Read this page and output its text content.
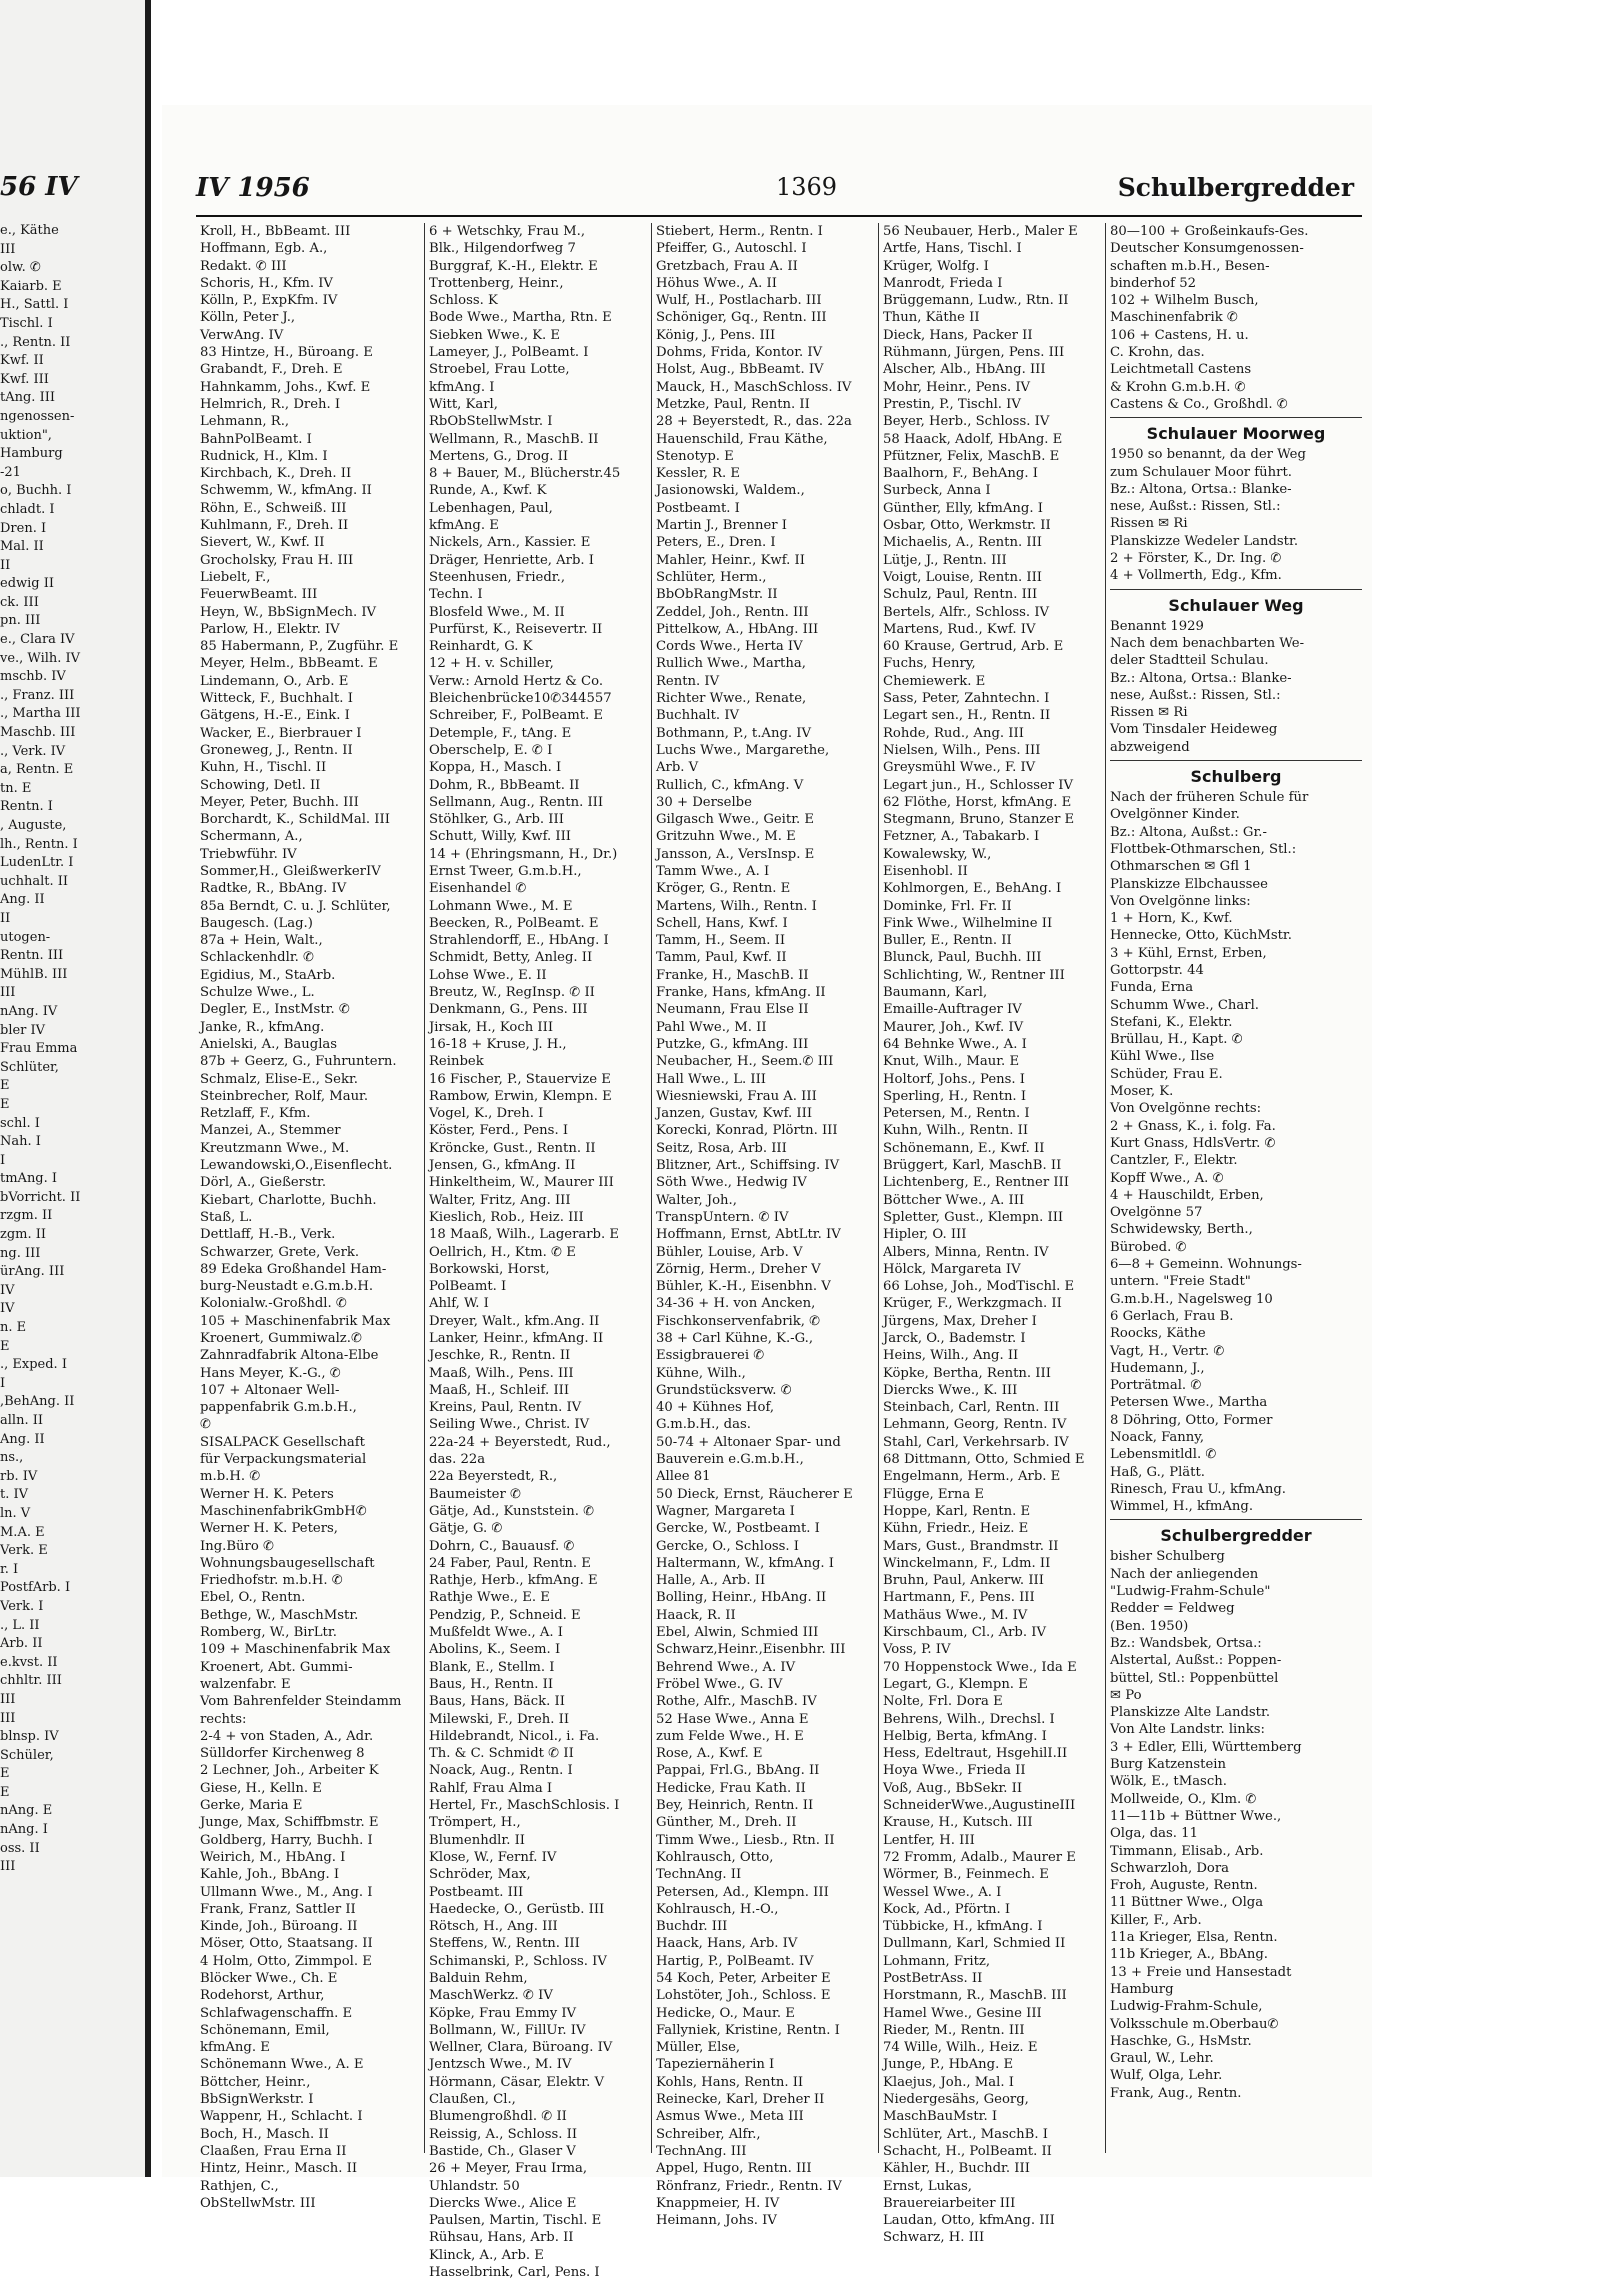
56 IV
e., Käthe
III
olw. ✆
Kaiarb. E
H., Sattl. I
Tischl. I
., Rentn. II
Kwf. II
Kwf. III
tAng. III
ngenossen-
uktion",
Hamburg
-21
o, Buchh. I
chladt. I
Dren. I
Mal. II
II
edwig II
ck. III
pn. III
e., Clara IV
ve., Wilh. IV
mschb. IV
., Franz. III
., Martha III
Maschb. III
., Verk. IV
a, Rentn. E
tn. E
Rentn. I
, Auguste,
lh., Rentn. I
LudenLtr. I
uchhalt. II
Ang. II
II
utogen-
Rentn. III
MühlB. III
III
nAng. IV
bler IV
Frau Emma
Schlüter,
E
E
schl. I
Nah. I
I
tmAng. I
bVorricht. II
rzgm. II
zgm. II
ng. III
ürAng. III
IV
IV
n. E
E
., Exped. I
I
,BehAng. II
alln. II
Ang. II
ns.,
rb. IV
t. IV
ln. V
M.A. E
Verk. E
r. I
PostfArb. I
Verk. I
., L. II
Arb. II
e.kvst. II
chhltr. III
III
III
blnsp. IV
Schüler,
E
E
nAng. E
nAng. I
oss. II
III
IV 1956	1369	Schulbergredder
Kroll, H., BbBeamt. III
Hoffmann, Egb. A.,
Redakt. ✆ III
Schoris, H., Kfm. IV
Kölln, P., ExpKfm. IV
Kölln, Peter J.,
VerwAng. IV
83 Hintze, H., Büroang. E
Grabandt, F., Dreh. E
Hahnkamm, Johs., Kwf. E
Helmrich, R., Dreh. I
Lehmann, R.,
BahnPolBeamt. I
Rudnick, H., Klm. I
Kirchbach, K., Dreh. II
Schwemm, W., kfmAng. II
Röhn, E., Schweiß. III
Kuhlmann, F., Dreh. II
Sievert, W., Kwf. II
Grocholsky, Frau H. III
Liebelt, F.,
FeuerwBeamt. III
Heyn, W., BbSignMech. IV
Parlow, H., Elektr. IV
85 Habermann, P., Zugführ. E
Meyer, Helm., BbBeamt. E
Lindemann, O., Arb. E
Witteck, F., Buchhalt. I
Gätgens, H.-E., Eink. I
Wacker, E., Bierbrauer I
Groneweg, J., Rentn. II
Kuhn, H., Tischl. II
Schowing, Detl. II
Meyer, Peter, Buchh. III
Borchardt, K., SchildMal. III
Schermann, A.,
Triebwführ. IV
Sommer,H., GleißwerkerIV
Radtke, R., BbAng. IV
85a Berndt, C. u. J. Schlüter,
Baugesch. (Lag.)
87a + Hein, Walt.,
Schlackenhdlr. ✆
Egidius, M., StaArb.
Schulze Wwe., L.
Degler, E., InstMstr. ✆
Janke, R., kfmAng.
Anielski, A., Bauglas
87b + Geerz, G., Fuhruntern.
Schmalz, Elise-E., Sekr.
Steinbrecher, Rolf, Maur.
Retzlaff, F., Kfm.
Manzei, A., Stemmer
Kreutzmann Wwe., M.
Lewandowski,O.,Eisenflecht.
Dörl, A., Gießerstr.
Kiebart, Charlotte, Buchh.
Staß, L.
Dettlaff, H.-B., Verk.
Schwarzer, Grete, Verk.
89 Edeka Großhandel Ham-
burg-Neustadt e.G.m.b.H.
Kolonialw.-Großhdl. ✆
105 + Maschinenfabrik Max
Kroenert, Gummiwalz.✆
Zahnradfabrik Altona-Elbe
Hans Meyer, K.-G., ✆
107 + Altonaer Well-
pappenfabrik G.m.b.H.,
✆
SISALPACK Gesellschaft
für Verpackungsmaterial
m.b.H. ✆
Werner H. K. Peters
MaschinenfabrikGmbH✆
Werner H. K. Peters,
Ing.Büro ✆
Wohnungsbaugesellschaft
Friedhofstr. m.b.H. ✆
Ebel, O., Rentn.
Bethge, W., MaschMstr.
Romberg, W., BirLtr.
109 + Maschinenfabrik Max
Kroenert, Abt. Gummi-
walzenfabr. E
Vom Bahrenfelder Steindamm
rechts:
2-4 + von Staden, A., Adr.
Sülldorfer Kirchenweg 8
2 Lechner, Joh., Arbeiter K
Giese, H., Kelln. E
Gerke, Maria E
Junge, Max, Schiffbmstr. E
Goldberg, Harry, Buchh. I
Weirich, M., HbAng. I
Kahle, Joh., BbAng. I
Ullmann Wwe., M., Ang. I
Frank, Franz, Sattler II
Kinde, Joh., Büroang. II
Möser, Otto, Staatsang. II
4 Holm, Otto, Zimmpol. E
Blöcker Wwe., Ch. E
Rodehorst, Arthur,
Schlafwagenschaffn. E
Schönemann, Emil,
kfmAng. E
Schönemann Wwe., A. E
Böttcher, Heinr.,
BbSignWerkstr. I
Wappenr, H., Schlacht. I
Boch, H., Masch. II
Claaßen, Frau Erna II
Hintz, Heinr., Masch. II
Rathjen, C.,
ObStellwMstr. III
6 + Wetschky, Frau M.,
Blk., Hilgendorfweg 7
Burggraf, K.-H., Elektr. E
Trottenberg, Heinr.,
Schloss. K
Bode Wwe., Martha, Rtn. E
Siebken Wwe., K. E
Lameyer, J., PolBeamt. I
Stroebel, Frau Lotte,
kfmAng. I
Witt, Karl,
RbObStellwMstr. I
Wellmann, R., MaschB. II
Mertens, G., Drog. II
8 + Bauer, M., Blücherstr.45
Runde, A., Kwf. K
Lebenhagen, Paul,
kfmAng. E
Nickels, Arn., Kassier. E
Dräger, Henriette, Arb. I
Steenhusen, Friedr.,
Techn. I
Blosfeld Wwe., M. II
Purfürst, K., Reisevertr. II
Reinhardt, G. K
12 + H. v. Schiller,
Verw.: Arnold Hertz & Co.
Bleichenbrücke10✆344557
Schreiber, F., PolBeamt. E
Detemple, F., tAng. E
Oberschelp, E. ✆ I
Koppa, H., Masch. I
Dohm, R., BbBeamt. II
Sellmann, Aug., Rentn. III
Stöhlker, G., Arb. III
Schutt, Willy, Kwf. III
14 + (Ehringsmann, H., Dr.)
Ernst Tweer, G.m.b.H.,
Eisenhandel ✆
Lohmann Wwe., M. E
Beecken, R., PolBeamt. E
Strahlendorff, E., HbAng. I
Schmidt, Betty, Anleg. II
Lohse Wwe., E. II
Breutz, W., RegInsp. ✆ II
Denkmann, G., Pens. III
Jirsak, H., Koch III
16-18 + Kruse, J. H.,
Reinbek
16 Fischer, P., Stauervize E
Rambow, Erwin, Klempn. E
Vogel, K., Dreh. I
Köster, Ferd., Pens. I
Kröncke, Gust., Rentn. II
Jensen, G., kfmAng. II
Hinkeltheim, W., Maurer III
Walter, Fritz, Ang. III
Kieslich, Rob., Heiz. III
18 Maaß, Wilh., Lagerarb. E
Oellrich, H., Ktm. ✆ E
Borkowski, Horst,
PolBeamt. I
Ahlf, W. I
Dreyer, Walt., kfm.Ang. II
Lanker, Heinr., kfmAng. II
Jeschke, R., Rentn. II
Maaß, Wilh., Pens. III
Maaß, H., Schleif. III
Kreins, Paul, Rentn. IV
Seiling Wwe., Christ. IV
22a-24 + Beyerstedt, Rud.,
das. 22a
22a Beyerstedt, R.,
Baumeister ✆
Gätje, Ad., Kunststein. ✆
Gätje, G. ✆
Dohrn, C., Bauausf. ✆
24 Faber, Paul, Rentn. E
Rathje, Herb., kfmAng. E
Rathje Wwe., E. E
Pendzig, P., Schneid. E
Mußfeldt Wwe., A. I
Abolins, K., Seem. I
Blank, E., Stellm. I
Baus, H., Rentn. II
Baus, Hans, Bäck. II
Milewski, F., Dreh. II
Hildebrandt, Nicol., i. Fa.
Th. & C. Schmidt ✆ II
Noack, Aug., Rentn. I
Rahlf, Frau Alma I
Hertel, Fr., MaschSchlosis. I
Trömpert, H.,
Blumenhdlr. II
Klose, W., Fernf. IV
Schröder, Max,
Postbeamt. III
Haedecke, O., Gerüstb. III
Rötsch, H., Ang. III
Steffens, W., Rentn. III
Schimanski, P., Schloss. IV
Balduin Rehm,
MaschWerkz. ✆ IV
Köpke, Frau Emmy IV
Bollmann, W., FillUr. IV
Wellner, Clara, Büroang. IV
Jentzsch Wwe., M. IV
Hörmann, Cäsar, Elektr. V
Claußen, Cl.,
Blumengroßhdl. ✆ II
Reissig, A., Schloss. II
Bastide, Ch., Glaser V
26 + Meyer, Frau Irma,
Uhlandstr. 50
Diercks Wwe., Alice E
Paulsen, Martin, Tischl. E
Rühsau, Hans, Arb. II
Klinck, A., Arb. E
Hasselbrink, Carl, Pens. I
Stiebert, Herm., Rentn. I
Pfeiffer, G., Autoschl. I
Gretzbach, Frau A. II
Höhus Wwe., A. II
Wulf, H., Postlacharb. III
Schöniger, Gq., Rentn. III
König, J., Pens. III
Dohms, Frida, Kontor. IV
Holst, Aug., BbBeamt. IV
Mauck, H., MaschSchloss. IV
Metzke, Paul, Rentn. II
28 + Beyerstedt, R., das. 22a
Hauenschild, Frau Käthe,
Stenotyp. E
Kessler, R. E
Jasionowski, Waldem.,
Postbeamt. I
Martin J., Brenner I
Peters, E., Dren. I
Mahler, Heinr., Kwf. II
Schlüter, Herm.,
BbObRangMstr. II
Zeddel, Joh., Rentn. III
Pittelkow, A., HbAng. III
Cords Wwe., Herta IV
Rullich Wwe., Martha,
Rentn. IV
Richter Wwe., Renate,
Buchhalt. IV
Bothmann, P., t.Ang. IV
Luchs Wwe., Margarethe,
Arb. V
Rullich, C., kfmAng. V
30 + Derselbe
Gilgasch Wwe., Geitr. E
Gritzuhn Wwe., M. E
Jansson, A., VersInsp. E
Tamm Wwe., A. I
Kröger, G., Rentn. E
Martens, Wilh., Rentn. I
Schell, Hans, Kwf. I
Tamm, H., Seem. II
Tamm, Paul, Kwf. II
Franke, H., MaschB. II
Franke, Hans, kfmAng. II
Neumann, Frau Else II
Pahl Wwe., M. II
Putzke, G., kfmAng. III
Neubacher, H., Seem.✆ III
Hall Wwe., L. III
Wiesniewski, Frau A. III
Janzen, Gustav, Kwf. III
Korecki, Konrad, Plörtn. III
Seitz, Rosa, Arb. III
Blitzner, Art., Schiffsing. IV
Söth Wwe., Hedwig IV
Walter, Joh.,
TranspUntern. ✆ IV
Hoffmann, Ernst, AbtLtr. IV
Bühler, Louise, Arb. V
Zörnig, Herm., Dreher V
Bühler, K.-H., Eisenbhn. V
34-36 + H. von Ancken,
Fischkonservenfabrik, ✆
38 + Carl Kühne, K.-G.,
Essigbrauerei ✆
Kühne, Wilh.,
Grundstücksverw. ✆
40 + Kühnes Hof,
G.m.b.H., das.
50-74 + Altonaer Spar- und
Bauverein e.G.m.b.H.,
Allee 81
50 Dieck, Ernst, Räucherer E
Wagner, Margareta I
Gercke, W., Postbeamt. I
Gercke, O., Schloss. I
Haltermann, W., kfmAng. I
Halle, A., Arb. II
Bolling, Heinr., HbAng. II
Haack, R. II
Ebel, Alwin, Schmied III
Schwarz,Heinr.,Eisenbhr. III
Behrend Wwe., A. IV
Fröbel Wwe., G. IV
Rothe, Alfr., MaschB. IV
52 Hase Wwe., Anna E
zum Felde Wwe., H. E
Rose, A., Kwf. E
Pappai, Frl.G., BbAng. II
Hedicke, Frau Kath. II
Bey, Heinrich, Rentn. II
Günther, M., Dreh. II
Timm Wwe., Liesb., Rtn. II
Kohlrausch, Otto,
TechnAng. II
Petersen, Ad., Klempn. III
Kohlrausch, H.-O.,
Buchdr. III
Haack, Hans, Arb. IV
Hartig, P., PolBeamt. IV
54 Koch, Peter, Arbeiter E
Lohstöter, Joh., Schloss. E
Hedicke, O., Maur. E
Fallyniek, Kristine, Rentn. I
Müller, Else,
Tapeziernäherin I
Kohls, Hans, Rentn. II
Reinecke, Karl, Dreher II
Asmus Wwe., Meta III
Schreiber, Alfr.,
TechnAng. III
Appel, Hugo, Rentn. III
Rönfranz, Friedr., Rentn. IV
Knappmeier, H. IV
Heimann, Johs. IV
56 Neubauer, Herb., Maler E
Artfe, Hans, Tischl. I
Krüger, Wolfg. I
Manrodt, Frieda I
Brüggemann, Ludw., Rtn. II
Thun, Käthe II
Dieck, Hans, Packer II
Rühmann, Jürgen, Pens. III
Alscher, Alb., HbAng. III
Mohr, Heinr., Pens. IV
Prestin, P., Tischl. IV
Beyer, Herb., Schloss. IV
58 Haack, Adolf, HbAng. E
Pfützner, Felix, MaschB. E
Baalhorn, F., BehAng. I
Surbeck, Anna I
Günther, Elly, kfmAng. I
Osbar, Otto, Werkmstr. II
Michaelis, A., Rentn. III
Lütje, J., Rentn. III
Voigt, Louise, Rentn. III
Schulz, Paul, Rentn. III
Bertels, Alfr., Schloss. IV
Martens, Rud., Kwf. IV
60 Krause, Gertrud, Arb. E
Fuchs, Henry,
Chemiewerk. E
Sass, Peter, Zahntechn. I
Legart sen., H., Rentn. II
Rohde, Rud., Ang. III
Nielsen, Wilh., Pens. III
Greysmühl Wwe., F. IV
Legart jun., H., Schlosser IV
62 Flöthe, Horst, kfmAng. E
Stegmann, Bruno, Stanzer E
Fetzner, A., Tabakarb. I
Kowalewsky, W.,
Eisenhobl. II
Kohlmorgen, E., BehAng. I
Dominke, Frl. Fr. II
Fink Wwe., Wilhelmine II
Buller, E., Rentn. II
Blunck, Paul, Buchh. III
Schlichting, W., Rentner III
Baumann, Karl,
Emaille-Auftrager IV
Maurer, Joh., Kwf. IV
64 Behnke Wwe., A. I
Knut, Wilh., Maur. E
Holtorf, Johs., Pens. I
Sperling, H., Rentn. I
Petersen, M., Rentn. I
Kuhn, Wilh., Rentn. II
Schönemann, E., Kwf. II
Brüggert, Karl, MaschB. II
Lichtenberg, E., Rentner III
Böttcher Wwe., A. III
Spletter, Gust., Klempn. III
Hipler, O. III
Albers, Minna, Rentn. IV
Hölck, Margareta IV
66 Lohse, Joh., ModTischl. E
Krüger, F., Werkzgmach. II
Jürgens, Max, Dreher I
Jarck, O., Bademstr. I
Heins, Wilh., Ang. II
Köpke, Bertha, Rentn. III
Diercks Wwe., K. III
Steinbach, Carl, Rentn. III
Lehmann, Georg, Rentn. IV
Stahl, Carl, Verkehrsarb. IV
68 Dittmann, Otto, Schmied E
Engelmann, Herm., Arb. E
Flügge, Erna E
Hoppe, Karl, Rentn. E
Kühn, Friedr., Heiz. E
Mars, Gust., Brandmstr. II
Winckelmann, F., Ldm. II
Bruhn, Paul, Ankerw. III
Hartmann, F., Pens. III
Mathäus Wwe., M. IV
Kirschbaum, Cl., Arb. IV
Voss, P. IV
70 Hoppenstock Wwe., Ida E
Legart, G., Klempn. E
Nolte, Frl. Dora E
Behrens, Wilh., Drechsl. I
Helbig, Berta, kfmAng. I
Hess, Edeltraut, HsgehilI.II
Hoya Wwe., Frieda II
Voß, Aug., BbSekr. II
SchneiderWwe.,AugustineIII
Krause, H., Kutsch. III
Lentfer, H. III
72 Fromm, Adalb., Maurer E
Wörmer, B., Feinmech. E
Wessel Wwe., A. I
Kock, Ad., Pförtn. I
Tübbicke, H., kfmAng. I
Dullmann, Karl, Schmied II
Lohmann, Fritz,
PostBetrAss. II
Horstmann, R., MaschB. III
Hamel Wwe., Gesine III
Rieder, M., Rentn. III
74 Wille, Wilh., Heiz. E
Junge, P., HbAng. E
Klaejus, Joh., Mal. I
Niedergesähs, Georg,
MaschBauMstr. I
Schlüter, Art., MaschB. I
Schacht, H., PolBeamt. II
Kähler, H., Buchdr. III
Ernst, Lukas,
Brauereiarbeiter III
Laudan, Otto, kfmAng. III
Schwarz, H. III
80—100 + Großeinkaufs-Ges.
Deutscher Konsumgenossen-
schaften m.b.H., Besen-
binderhof 52
102 + Wilhelm Busch,
Maschinenfabrik ✆
106 + Castens, H. u.
C. Krohn, das.
Leichtmetall Castens
& Krohn G.m.b.H. ✆
Castens & Co., Großhdl. ✆
Schulauer Moorweg
1950 so benannt, da der Weg
zum Schulauer Moor führt.
Bz.: Altona, Ortsa.: Blanke-
nese, Außst.: Rissen, Stl.:
Rissen ✉ Ri
Planskizze Wedeler Landstr.
2 + Förster, K., Dr. Ing. ✆
4 + Vollmerth, Edg., Kfm.
Schulauer Weg
Benannt 1929
Nach dem benachbarten We-
deler Stadtteil Schulau.
Bz.: Altona, Ortsa.: Blanke-
nese, Außst.: Rissen, Stl.:
Rissen ✉ Ri
Vom Tinsdaler Heideweg
abzweigend
Schulberg
Nach der früheren Schule für
Ovelgönner Kinder.
Bz.: Altona, Außst.: Gr.-
Flottbek-Othmarschen, Stl.:
Othmarschen ✉ Gfl 1
Planskizze Elbchaussee
Von Ovelgönne links:
1 + Horn, K., Kwf.
Hennecke, Otto, KüchMstr.
3 + Kühl, Ernst, Erben,
Gottorpstr. 44
Funda, Erna
Schumm Wwe., Charl.
Stefani, K., Elektr.
Brüllau, H., Kapt. ✆
Kühl Wwe., Ilse
Schüder, Frau E.
Moser, K.
Von Ovelgönne rechts:
2 + Gnass, K., i. folg. Fa.
Kurt Gnass, HdlsVertr. ✆
Cantzler, F., Elektr.
Kopff Wwe., A. ✆
4 + Hauschildt, Erben,
Ovelgönne 57
Schwidewsky, Berth.,
Bürobed. ✆
6—8 + Gemeinn. Wohnungs-
untern. "Freie Stadt"
G.m.b.H., Nagelsweg 10
6 Gerlach, Frau B.
Roocks, Käthe
Vagt, H., Vertr. ✆
Hudemann, J.,
Porträtmal. ✆
Petersen Wwe., Martha
8 Döhring, Otto, Former
Noack, Fanny,
Lebensmitldl. ✆
Haß, G., Plätt.
Rinesch, Frau U., kfmAng.
Wimmel, H., kfmAng.
Schulbergredder
bisher Schulberg
Nach der anliegenden
"Ludwig-Frahm-Schule"
Redder = Feldweg
(Ben. 1950)
Bz.: Wandsbek, Ortsa.:
Alstertal, Außst.: Poppen-
büttel, Stl.: Poppenbüttel
✉ Po
Planskizze Alte Landstr.
Von Alte Landstr. links:
3 + Edler, Elli, Württemberg
Burg Katzenstein
Wölk, E., tMasch.
Mollweide, O., Klm. ✆
11—11b + Büttner Wwe.,
Olga, das. 11
Timmann, Elisab., Arb.
Schwarzloh, Dora
Froh, Auguste, Rentn.
11 Büttner Wwe., Olga
Killer, F., Arb.
11a Krieger, Elsa, Rentn.
11b Krieger, A., BbAng.
13 + Freie und Hansestadt
Hamburg
Ludwig-Frahm-Schule,
Volksschule m.Oberbau✆
Haschke, G., HsMstr.
Graul, W., Lehr.
Wulf, Olga, Lehr.
Frank, Aug., Rentn.
